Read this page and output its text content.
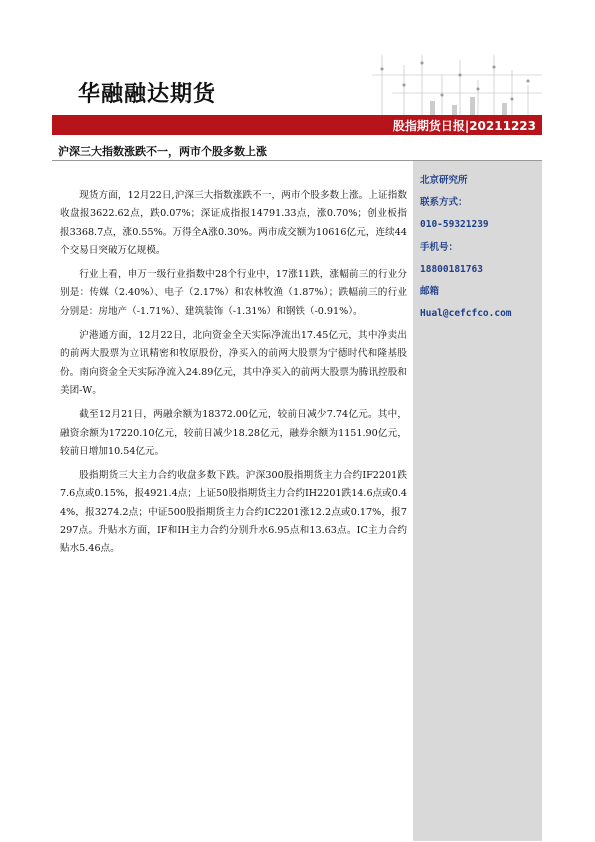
华融融达期货
股指期货日报|20211223
沪深三大指数涨跌不一，两市个股多数上涨

现货方面，12月22日,沪深三大指数涨跌不一，两市个股多数上涨。上证指数收盘报3622.62点，跌0.07%；深证成指报14791.33点，涨0.70%；创业板指报3368.7点，涨0.55%。万得全A涨0.30%。两市成交额为10616亿元，连续44个交易日突破万亿规模。

行业上看，申万一级行业指数中28个行业中，17涨11跌，涨幅前三的行业分别是：传媒（2.40%）、电子（2.17%）和农林牧渔（1.87%）；跌幅前三的行业分别是：房地产（-1.71%）、建筑装饰（-1.31%）和钢铁（-0.91%）。

沪港通方面，12月22日，北向资金全天实际净流出17.45亿元，其中净卖出的前两大股票为立讯精密和牧原股份，净买入的前两大股票为宁德时代和隆基股份。南向资金全天实际净流入24.89亿元，其中净买入的前两大股票为腾讯控股和美团-W。

截至12月21日，两融余额为18372.00亿元，较前日减少7.74亿元。其中，融资余额为17220.10亿元，较前日减少18.28亿元，融券余额为1151.90亿元，较前日增加10.54亿元。

股指期货三大主力合约收盘多数下跌。沪深300股指期货主力合约IF2201跌7.6点或0.15%，报4921.4点；上证50股指期货主力合约IH2201跌14.6点或0.44%，报3274.2点；中证500股指期货主力合约IC2201涨12.2点或0.17%，报7297点。升贴水方面，IF和IH主力合约分别升水6.95点和13.63点。IC主力合约贴水5.46点。

北京研究所
联系方式：
010-59321239
手机号：
18800181763
邮箱
Hual@cefcfco.com
